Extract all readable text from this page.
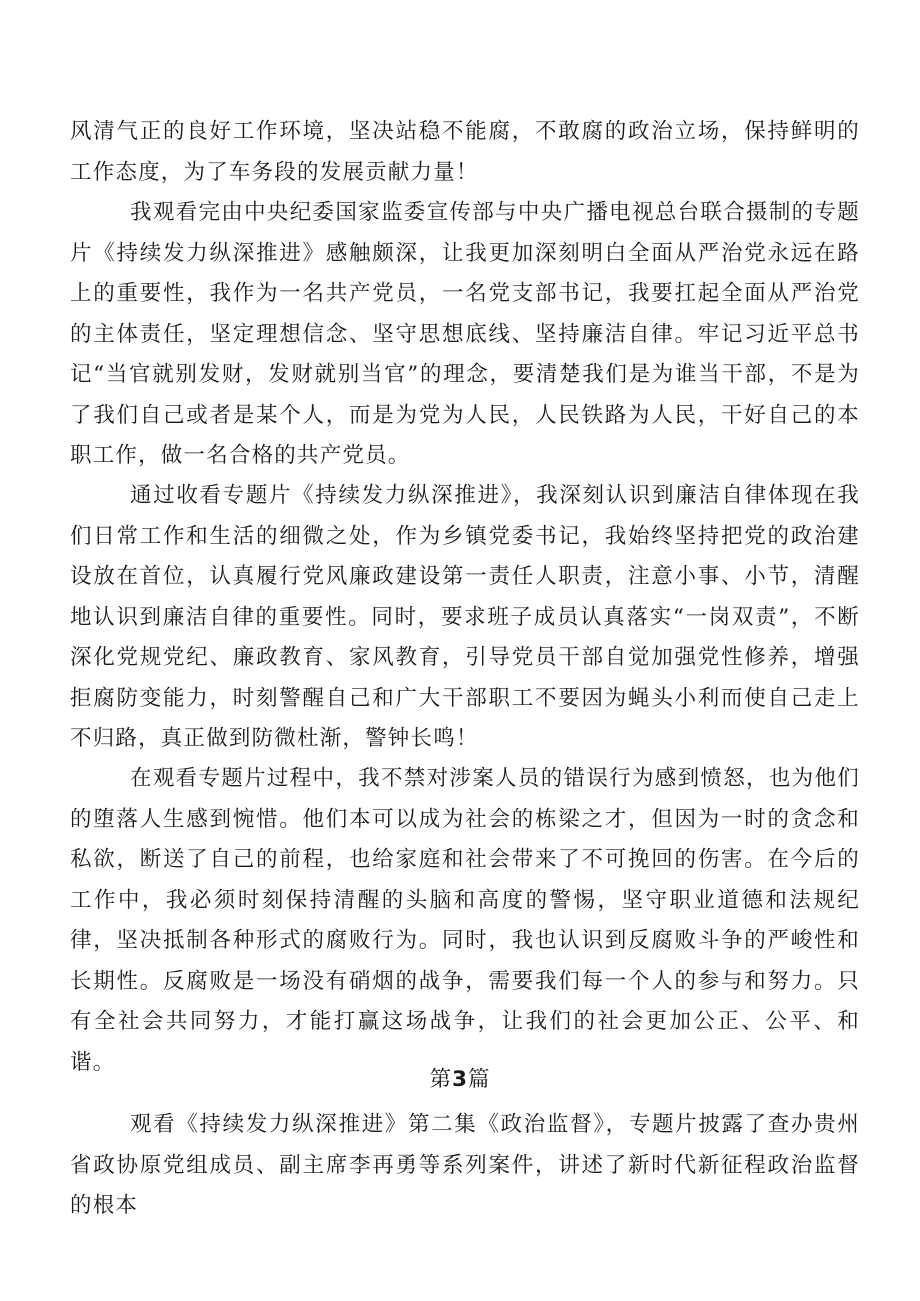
风清气正的良好工作环境，坚决站稳不能腐，不敢腐的政治立场，保持鲜明的工作态度，为了车务段的发展贡献力量！

我观看完由中央纪委国家监委宣传部与中央广播电视总台联合摄制的专题片《持续发力纵深推进》感触颇深，让我更加深刻明白全面从严治党永远在路上的重要性，我作为一名共产党员，一名党支部书记，我要扛起全面从严治党的主体责任，坚定理想信念、坚守思想底线、坚持廉洁自律。牢记习近平总书记“当官就别发财，发财就别当官”的理念，要清楚我们是为谁当干部，不是为了我们自己或者是某个人，而是为党为人民，人民铁路为人民，干好自己的本职工作，做一名合格的共产党员。

通过收看专题片《持续发力纵深推进》，我深刻认识到廉洁自律体现在我们日常工作和生活的细微之处，作为乡镇党委书记，我始终坚持把党的政治建设放在首位，认真履行党风廉政建设第一责任人职责，注意小事、小节，清醒地认识到廉洁自律的重要性。同时，要求班子成员认真落实“一岗双责”，不断深化党规党纪、廉政教育、家风教育，引导党员干部自觉加强党性修养，增强拒腐防变能力，时刻警醒自己和广大干部职工不要因为蝇头小利而使自己走上不归路，真正做到防微杜渐，警钟长鸣！

在观看专题片过程中，我不禁对涉案人员的错误行为感到愤怒，也为他们的堕落人生感到惋惜。他们本可以成为社会的栋梁之才，但因为一时的贪念和私欲，断送了自己的前程，也给家庭和社会带来了不可挽回的伤害。在今后的工作中，我必须时刻保持清醒的头脑和高度的警惕，坚守职业道德和法规纪律，坚决抵制各种形式的腐败行为。同时，我也认识到反腐败斗争的严峻性和长期性。反腐败是一场没有硝烟的战争，需要我们每一个人的参与和努力。只有全社会共同努力，才能打赢这场战争，让我们的社会更加公正、公平、和谐。

第3篇

观看《持续发力纵深推进》第二集《政治监督》，专题片披露了查办贵州省政协原党组成员、副主席李再勇等系列案件，讲述了新时代新征程政治监督的根本
